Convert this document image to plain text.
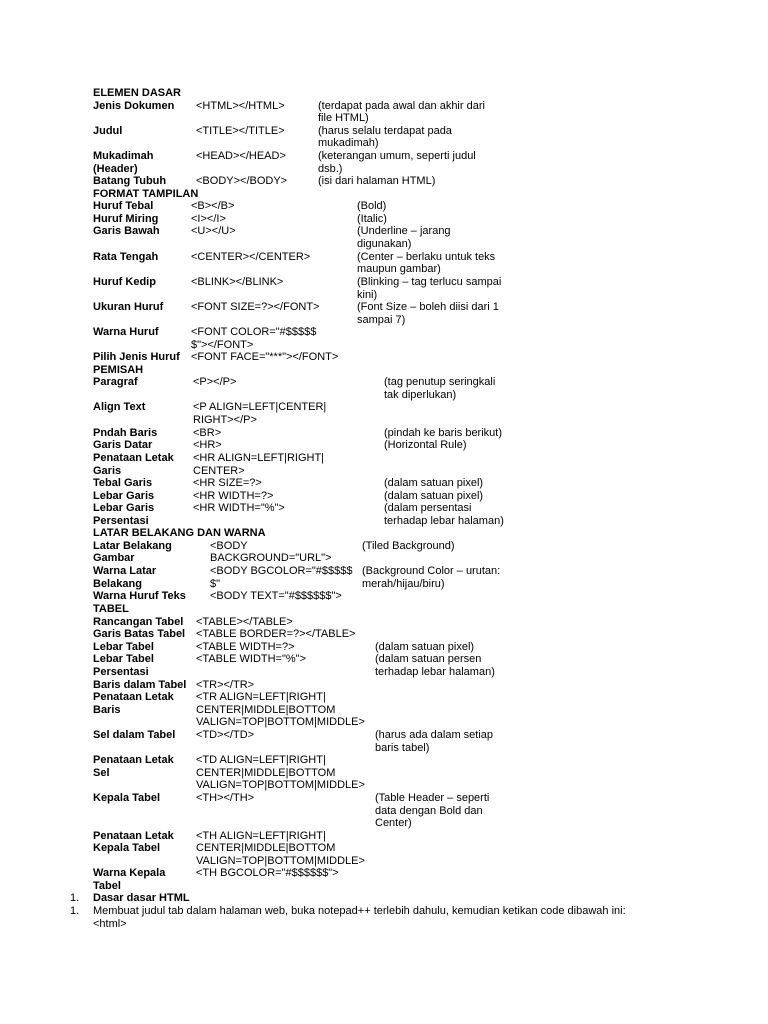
ELEMEN DASAR
Jenis Dokumen <HTML></HTML>	(terdapat pada awal dan akhir dari
file HTML)
Judul	<TITLE></TITLE>	(harus selalu terdapat pada
mukadimah)
Mukadimah	<HEAD></HEAD>	(keterangan umum, seperti judul
(Header)	dsb.)
Batang Tubuh	<BODY></BODY>	(isi dari halaman HTML)
FORMAT TAMPILAN
Huruf Tebal	<B></B>	(Bold)
Huruf Miring	<I></I>	(Italic)
Garis Bawah	<U></U>	(Underline – jarang
digunakan)
Rata Tengah	<CENTER></CENTER>	(Center – berlaku untuk teks
maupun gambar)
Huruf Kedip	<BLINK></BLINK>	(Blinking – tag terlucu sampai
kini)
Ukuran Huruf	<FONT SIZE=?></FONT>	(Font Size – boleh diisi dari 1
sampai 7)
Warna Huruf	<FONT COLOR="#$$$$$
$"></FONT>
Pilih Jenis Huruf <FONT FACE="***"></FONT>
PEMISAH
Paragraf	<P></P>	(tag penutup seringkali
tak diperlukan)
Align Text	<P ALIGN=LEFT|CENTER|
RIGHT></P>
Pndah Baris	<BR>	(pindah ke baris berikut)
Garis Datar	<HR>	(Horizontal Rule)
Penataan Letak <HR ALIGN=LEFT|RIGHT|
Garis	CENTER>
Tebal Garis	<HR SIZE=?>	(dalam satuan pixel)
Lebar Garis	<HR WIDTH=?>	(dalam satuan pixel)
Lebar Garis	<HR WIDTH="%">	(dalam persentasi
Persentasi	terhadap lebar halaman)
LATAR BELAKANG DAN WARNA
Latar Belakang	<BODY	(Tiled Background)
Gambar	BACKGROUND="URL">
Warna Latar	<BODY BGCOLOR="#$$$$$ (Background Color – urutan:
Belakang	$"	merah/hijau/biru)
Warna Huruf Teks <BODY TEXT="#$$$$$$">
TABEL
Rancangan Tabel <TABLE></TABLE>
Garis Batas Tabel <TABLE BORDER=?></TABLE>
Lebar Tabel	<TABLE WIDTH=?>	(dalam satuan pixel)
Lebar Tabel	<TABLE WIDTH="%">	(dalam satuan persen
Persentasi	terhadap lebar halaman)
Baris dalam Tabel <TR></TR>
Penataan Letak <TR ALIGN=LEFT|RIGHT|
Baris	CENTER|MIDDLE|BOTTOM
VALIGN=TOP|BOTTOM|MIDDLE>
Sel dalam Tabel <TD></TD>	(harus ada dalam setiap
baris tabel)
Penataan Letak <TD ALIGN=LEFT|RIGHT|
Sel	CENTER|MIDDLE|BOTTOM
VALIGN=TOP|BOTTOM|MIDDLE>
Kepala Tabel	<TH></TH>	(Table Header – seperti
data dengan Bold dan
Center)
Penataan Letak <TH ALIGN=LEFT|RIGHT|
Kepala Tabel	CENTER|MIDDLE|BOTTOM
VALIGN=TOP|BOTTOM|MIDDLE>
Warna Kepala	<TH BGCOLOR="#$$$$$$">
Tabel
1. Dasar dasar HTML
1. Membuat judul tab dalam halaman web, buka notepad++ terlebih dahulu, kemudian ketikan code dibawah ini:
<html>
